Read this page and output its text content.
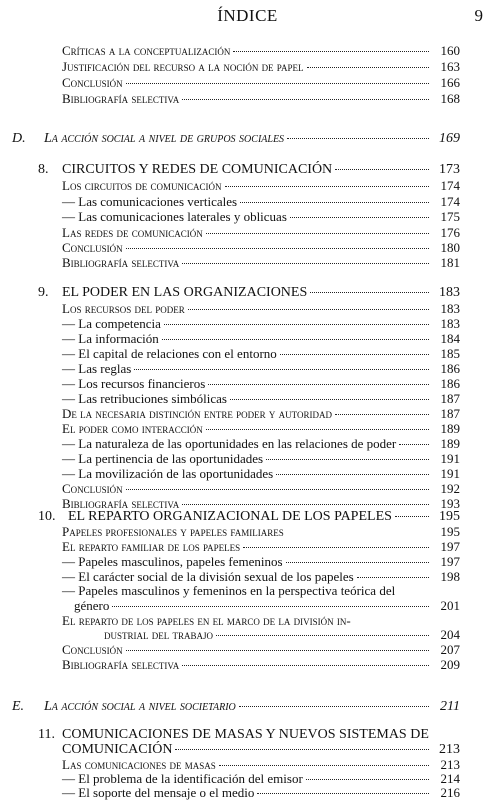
ÍNDICE	9
Críticas a la conceptualización	160
Justificación del recurso a la noción de papel	163
Conclusión	166
Bibliografía selectiva	168
D.	La acción social a nivel de grupos sociales	169
8. CIRCUITOS Y REDES DE COMUNICACIÓN	173
Los circuitos de comunicación	174
— Las comunicaciones verticales	174
— Las comunicaciones laterales y oblicuas	175
Las redes de comunicación	176
Conclusión	180
Bibliografía selectiva	181
9. EL PODER EN LAS ORGANIZACIONES	183
Los recursos del poder	183
— La competencia	183
— La información	184
— El capital de relaciones con el entorno	185
— Las reglas	186
— Los recursos financieros	186
— Las retribuciones simbólicas	187
De la necesaria distinción entre poder y autoridad	187
El poder como interacción	189
— La naturaleza de las oportunidades en las relaciones de poder	189
— La pertinencia de las oportunidades	191
— La movilización de las oportunidades	191
Conclusión	192
Bibliografía selectiva	193
10. EL REPARTO ORGANIZACIONAL DE LOS PAPELES	195
Papeles profesionales y papeles familiares	195
El reparto familiar de los papeles	197
— Papeles masculinos, papeles femeninos	197
— El carácter social de la división sexual de los papeles	198
— Papeles masculinos y femeninos en la perspectiva teórica del
género	201
El reparto de los papeles en el marco de la división in-
dustrial del trabajo	204
Conclusión	207
Bibliografía selectiva	209
E.	La acción social a nivel societario	211
11. COMUNICACIONES DE MASAS Y NUEVOS SISTEMAS DE
COMUNICACIÓN	213
Las comunicaciones de masas	213
— El problema de la identificación del emisor	214
— El soporte del mensaje o el medio	216
